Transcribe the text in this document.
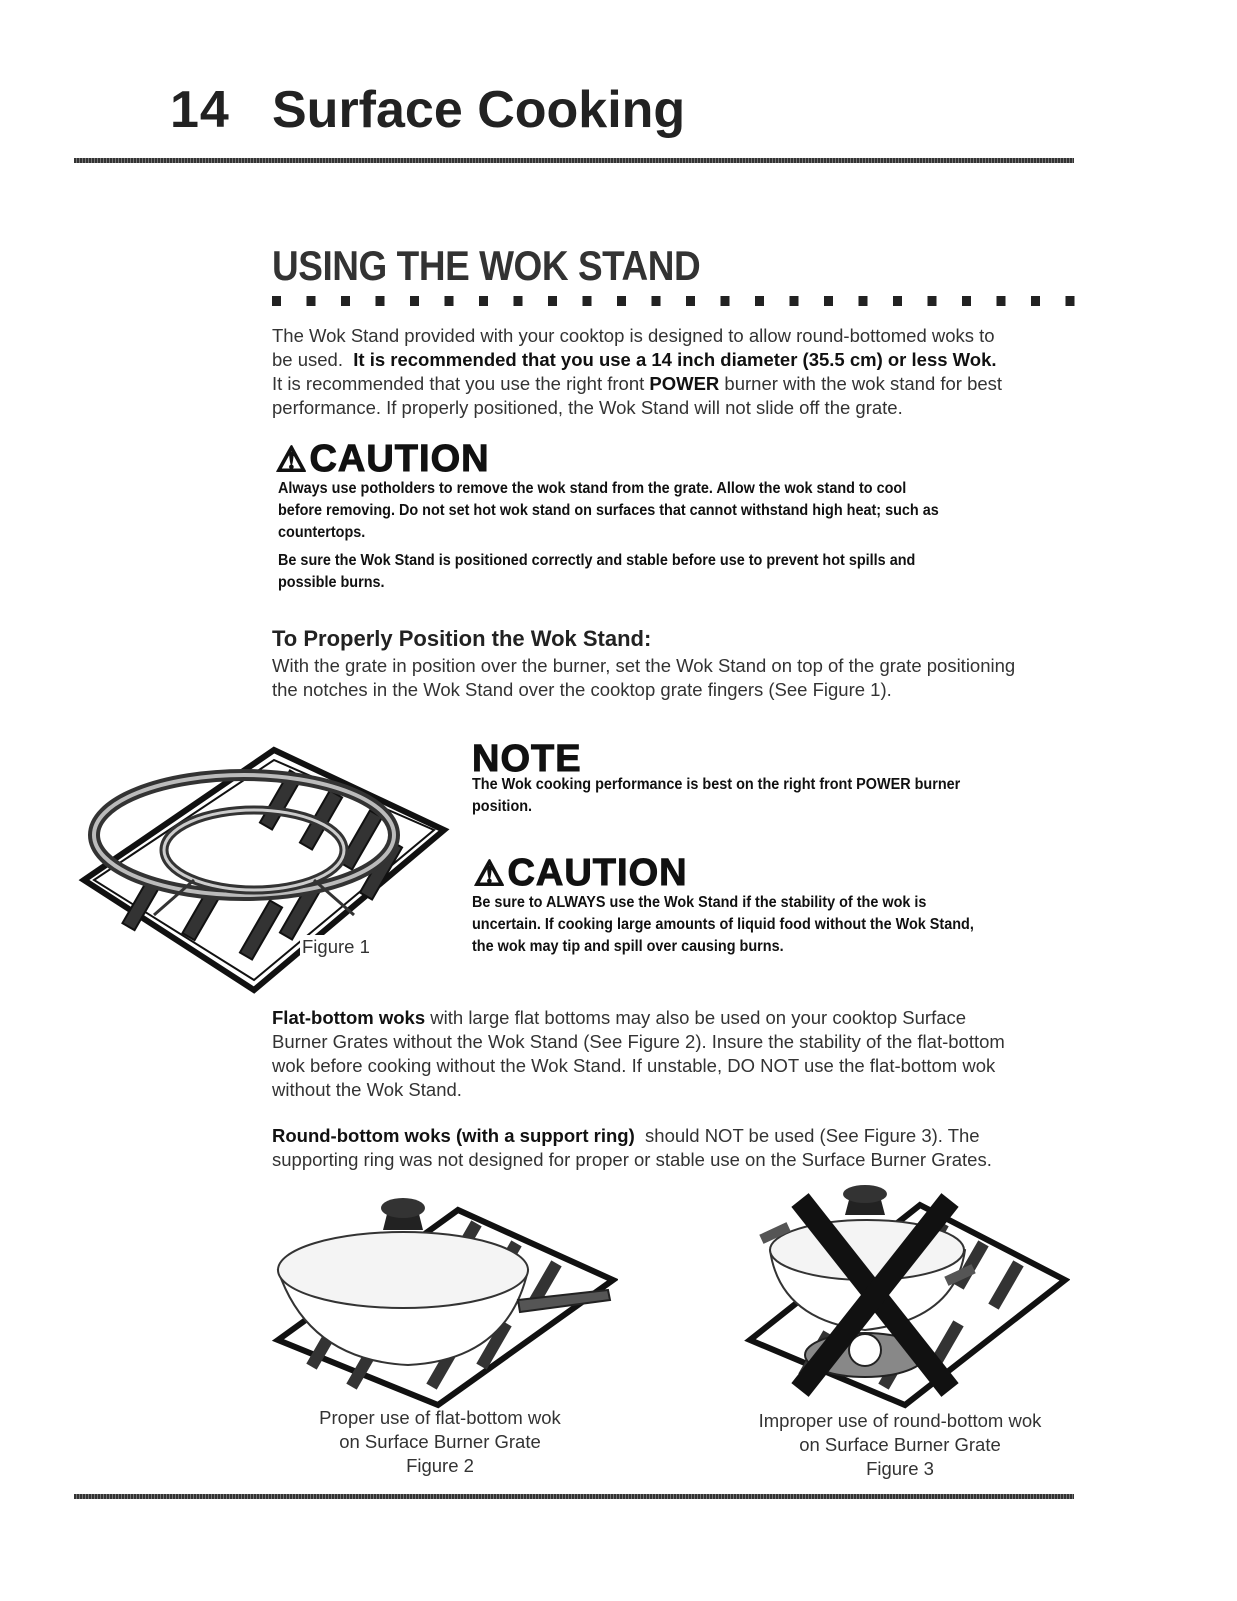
14 Surface Cooking
USING THE WOK STAND
The Wok Stand provided with your cooktop is designed to allow round-bottomed woks to
be used. It is recommended that you use a 14 inch diameter (35.5 cm) or less Wok.
It is recommended that you use the right front POWER burner with the wok stand for best
performance. If properly positioned, the Wok Stand will not slide off the grate.
⚠CAUTION
Always use potholders to remove the wok stand from the grate. Allow the wok stand to cool
before removing. Do not set hot wok stand on surfaces that cannot withstand high heat; such as
countertops.
Be sure the Wok Stand is positioned correctly and stable before use to prevent hot spills and
possible burns.
To Properly Position the Wok Stand:
With the grate in position over the burner, set the Wok Stand on top of the grate positioning
the notches in the Wok Stand over the cooktop grate fingers (See Figure 1).
Figure 1
NOTE
The Wok cooking performance is best on the right front POWER burner
position.
⚠CAUTION
Be sure to ALWAYS use the Wok Stand if the stability of the wok is
uncertain. If cooking large amounts of liquid food without the Wok Stand,
the wok may tip and spill over causing burns.
Flat-bottom woks with large flat bottoms may also be used on your cooktop Surface
Burner Grates without the Wok Stand (See Figure 2). Insure the stability of the flat-bottom
wok before cooking without the Wok Stand. If unstable, DO NOT use the flat-bottom wok
without the Wok Stand.
Round-bottom woks (with a support ring) should NOT be used (See Figure 3). The
supporting ring was not designed for proper or stable use on the Surface Burner Grates.
Proper use of flat-bottom wok
on Surface Burner Grate
Figure 2
Improper use of round-bottom wok
on Surface Burner Grate
Figure 3
